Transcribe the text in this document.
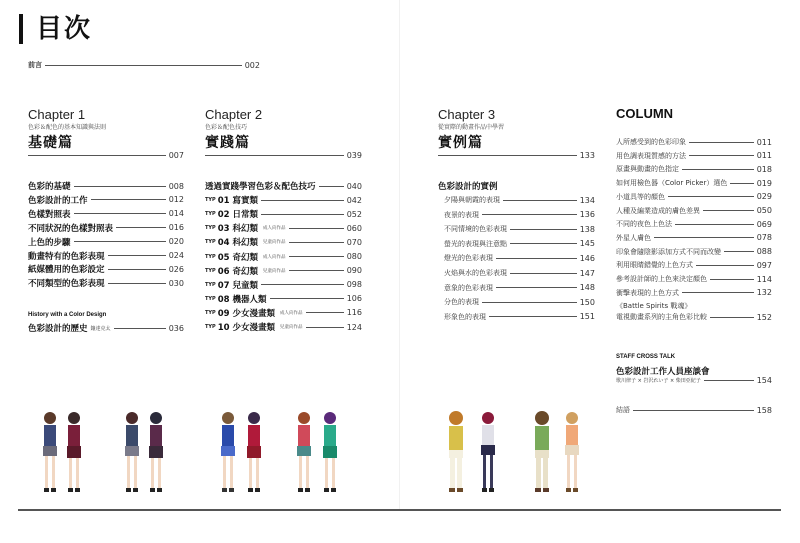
目次
前言	002
Chapter 1
色彩＆配色的基本知識與法則
基礎篇
007
History with a Color Design
色彩設計的歷史 鑲達克太	036
Chapter 2
色彩＆配色技巧
實踐篇
039
Chapter 3
從實際的動畫作品中學習
實例篇
133
色彩設計的實例
COLUMN
STAFF CROSS TALK
色彩設計工作人員座談會
歌川律子 × 岩沢れい子 × 柴田亞紀子	154
結語	158
色彩的基礎	008
色彩設計的工作	012
色樣對照表	014
不同狀況的色樣對照表	016
上色的步驟	020
動畫特有的色彩表現	024
紙媒體用的色彩設定	026
不同類型的色彩表現	030
透過實踐學習色彩＆配色技巧	040
TYP 01 寫實類	042
TYP 02 日常類	052
TYP 03 科幻類 成人向作品	060
TYP 04 科幻類 兒童向作品	070
TYP 05 奇幻類 成人向作品	080
TYP 06 奇幻類 兒童向作品	090
TYP 07 兒童類	098
TYP 08 機器人類	106
TYP 09 少女漫畫類 成人向作品	116
TYP 10 少女漫畫類 兒童向作品	124
夕陽與朝霞的表現	134
夜景的表現	136
不同情境的色彩表現	138
螢光的表現與注意點	145
燈光的色彩表現	146
火焰與水的色彩表現	147
意象的色彩表現	148
分色的表現	150
形象色的表現	151
人所感受到的色彩印象	011
用色調表現質感的方法	011
原畫與動畫的色指定	018
如何用檢色器（Color Picker）選色	019
小道具等的顏色	029
人種及編業造成的膚色差異	050
不同的夜色上色法	069
外星人膚色	078
印象會隨陰影添加方式不同而改變	088
利用眼睛錯覺的上色方式	097
參考設計師的上色來決定顏色	114
衝擊表現的上色方式	132
《Battle Spirits 戰魂》
電視動畫系列的主角色彩比較	152
